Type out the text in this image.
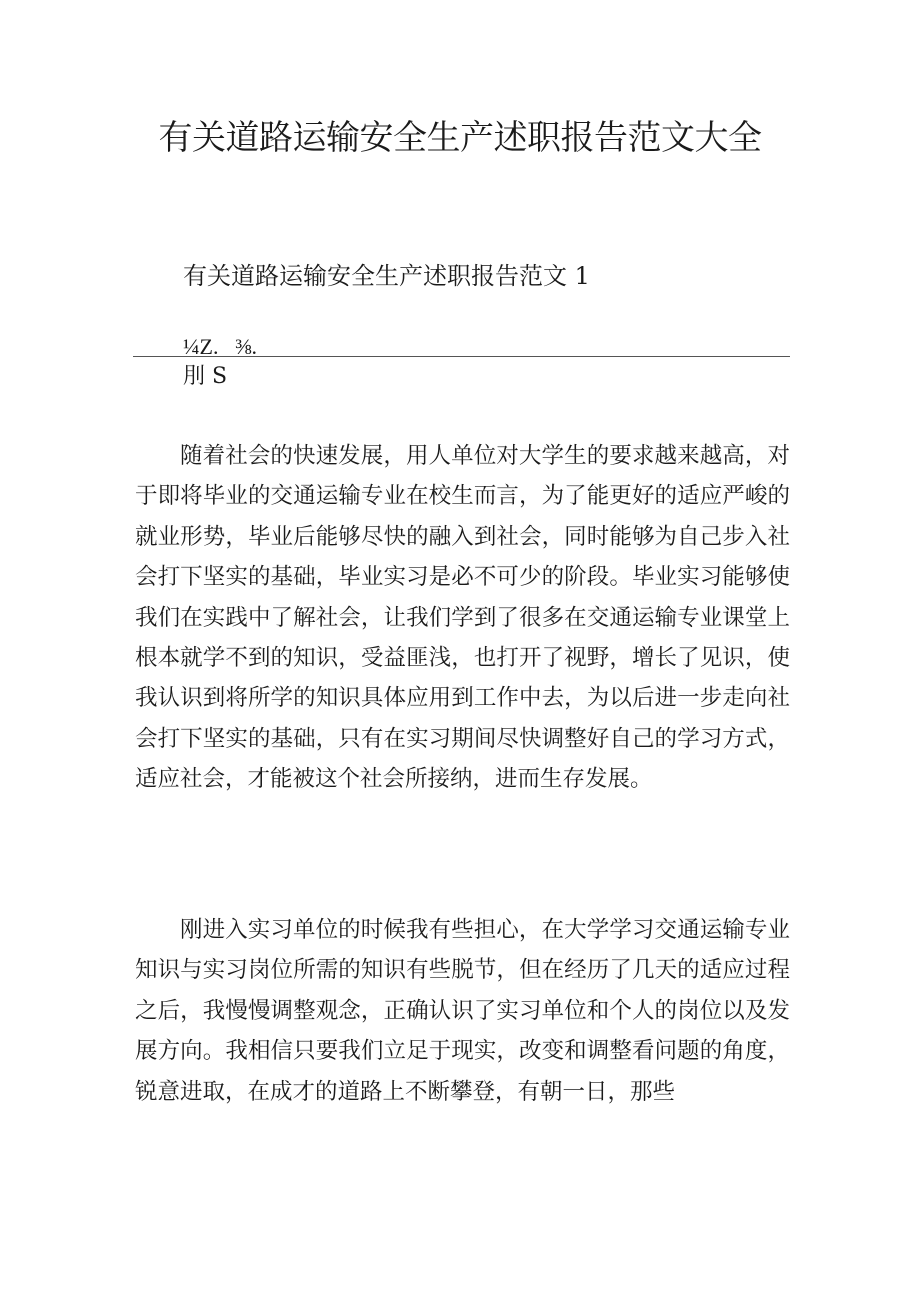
有关道路运输安全生产述职报告范文大全

有关道路运输安全生产述职报告范文 1

¼Z.   ⅜.

刖 S

随着社会的快速发展，用人单位对大学生的要求越来越高，对于即将毕业的交通运输专业在校生而言，为了能更好的适应严峻的就业形势，毕业后能够尽快的融入到社会，同时能够为自己步入社会打下坚实的基础，毕业实习是必不可少的阶段。毕业实习能够使我们在实践中了解社会，让我们学到了很多在交通运输专业课堂上根本就学不到的知识，受益匪浅，也打开了视野，增长了见识，使我认识到将所学的知识具体应用到工作中去，为以后进一步走向社会打下坚实的基础，只有在实习期间尽快调整好自己的学习方式，适应社会，才能被这个社会所接纳，进而生存发展。

刚进入实习单位的时候我有些担心，在大学学习交通运输专业知识与实习岗位所需的知识有些脱节，但在经历了几天的适应过程之后，我慢慢调整观念，正确认识了实习单位和个人的岗位以及发展方向。我相信只要我们立足于现实，改变和调整看问题的角度，锐意进取，在成才的道路上不断攀登，有朝一日，那些
